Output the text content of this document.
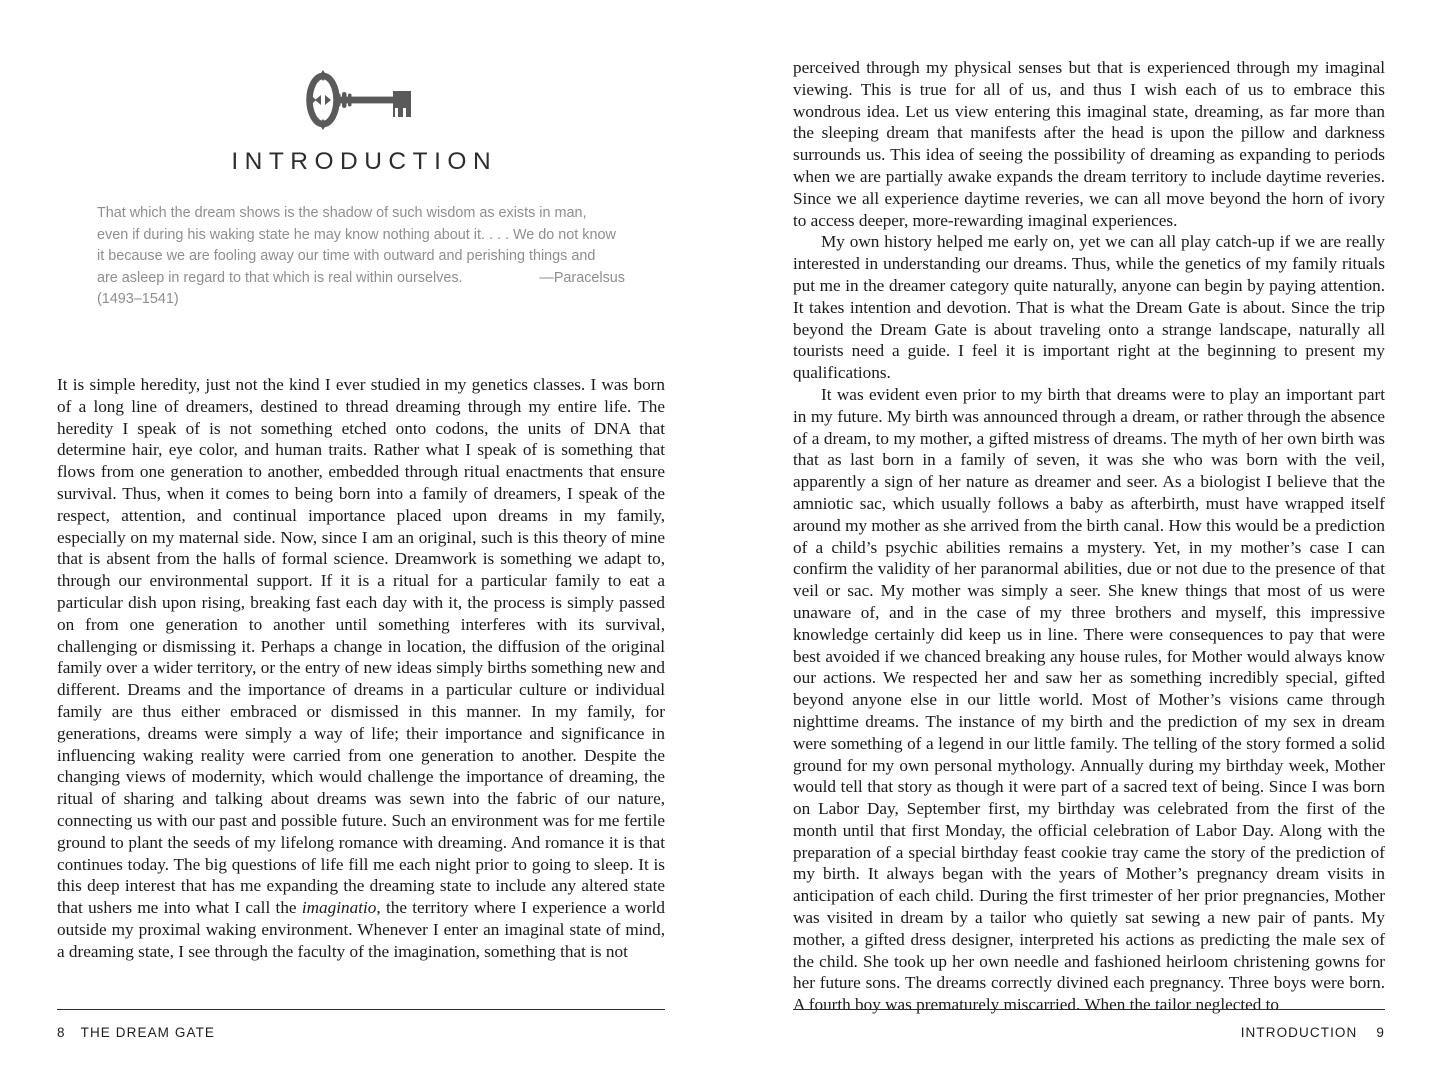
INTRODUCTION
That which the dream shows is the shadow of such wisdom as exists in man,
even if during his waking state he may know nothing about it. . . . We do not know
it because we are fooling away our time with outward and perishing things and
are asleep in regard to that which is real within ourselves.	—Paracelsus
(1493–1541)
It is simple heredity, just not the kind I ever studied in my genetics classes. I was born of a long line of dreamers, destined to thread dreaming through my entire life. The heredity I speak of is not something etched onto codons, the units of DNA that determine hair, eye color, and human traits. Rather what I speak of is something that flows from one generation to another, embedded through ritual enactments that ensure survival. Thus, when it comes to being born into a family of dreamers, I speak of the respect, attention, and continual importance placed upon dreams in my family, especially on my maternal side. Now, since I am an original, such is this theory of mine that is absent from the halls of formal science. Dreamwork is something we adapt to, through our environmental support. If it is a ritual for a particular family to eat a particular dish upon rising, breaking fast each day with it, the process is simply passed on from one generation to another until something interferes with its survival, challenging or dismissing it. Perhaps a change in location, the diffusion of the original family over a wider territory, or the entry of new ideas simply births something new and different. Dreams and the importance of dreams in a particular culture or individual family are thus either embraced or dismissed in this manner. In my family, for generations, dreams were simply a way of life; their importance and significance in influencing waking reality were carried from one generation to another. Despite the changing views of modernity, which would challenge the importance of dreaming, the ritual of sharing and talking about dreams was sewn into the fabric of our nature, connecting us with our past and possible future. Such an environment was for me fertile ground to plant the seeds of my lifelong romance with dreaming. And romance it is that continues today. The big questions of life fill me each night prior to going to sleep. It is this deep interest that has me expanding the dreaming state to include any altered state that ushers me into what I call the imaginatio, the territory where I experience a world outside my proximal waking environment. Whenever I enter an imaginal state of mind, a dreaming state, I see through the faculty of the imagination, something that is not
8 THE DREAM GATE

perceived through my physical senses but that is experienced through my imaginal viewing. This is true for all of us, and thus I wish each of us to embrace this wondrous idea. Let us view entering this imaginal state, dreaming, as far more than the sleeping dream that manifests after the head is upon the pillow and darkness surrounds us. This idea of seeing the possibility of dreaming as expanding to periods when we are partially awake expands the dream territory to include daytime reveries. Since we all experience daytime reveries, we can all move beyond the horn of ivory to access deeper, more-rewarding imaginal experiences.

My own history helped me early on, yet we can all play catch-up if we are really interested in understanding our dreams. Thus, while the genetics of my family rituals put me in the dreamer category quite naturally, anyone can begin by paying attention. It takes intention and devotion. That is what the Dream Gate is about. Since the trip beyond the Dream Gate is about traveling onto a strange landscape, naturally all tourists need a guide. I feel it is important right at the beginning to present my qualifications.

It was evident even prior to my birth that dreams were to play an important part in my future. My birth was announced through a dream, or rather through the absence of a dream, to my mother, a gifted mistress of dreams. The myth of her own birth was that as last born in a family of seven, it was she who was born with the veil, apparently a sign of her nature as dreamer and seer. As a biologist I believe that the amniotic sac, which usually follows a baby as afterbirth, must have wrapped itself around my mother as she arrived from the birth canal. How this would be a prediction of a child’s psychic abilities remains a mystery. Yet, in my mother’s case I can confirm the validity of her paranormal abilities, due or not due to the presence of that veil or sac. My mother was simply a seer. She knew things that most of us were unaware of, and in the case of my three brothers and myself, this impressive knowledge certainly did keep us in line. There were consequences to pay that were best avoided if we chanced breaking any house rules, for Mother would always know our actions. We respected her and saw her as something incredibly special, gifted beyond anyone else in our little world. Most of Mother’s visions came through nighttime dreams. The instance of my birth and the prediction of my sex in dream were something of a legend in our little family. The telling of the story formed a solid ground for my own personal mythology. Annually during my birthday week, Mother would tell that story as though it were part of a sacred text of being. Since I was born on Labor Day, September first, my birthday was celebrated from the first of the month until that first Monday, the official celebration of Labor Day. Along with the preparation of a special birthday feast cookie tray came the story of the prediction of my birth. It always began with the years of Mother’s pregnancy dream visits in anticipation of each child. During the first trimester of her prior pregnancies, Mother was visited in dream by a tailor who quietly sat sewing a new pair of pants. My mother, a gifted dress designer, interpreted his actions as predicting the male sex of the child. She took up her own needle and fashioned heirloom christening gowns for her future sons. The dreams correctly divined each pregnancy. Three boys were born. A fourth boy was prematurely miscarried. When the tailor neglected to

INTRODUCTION 9
